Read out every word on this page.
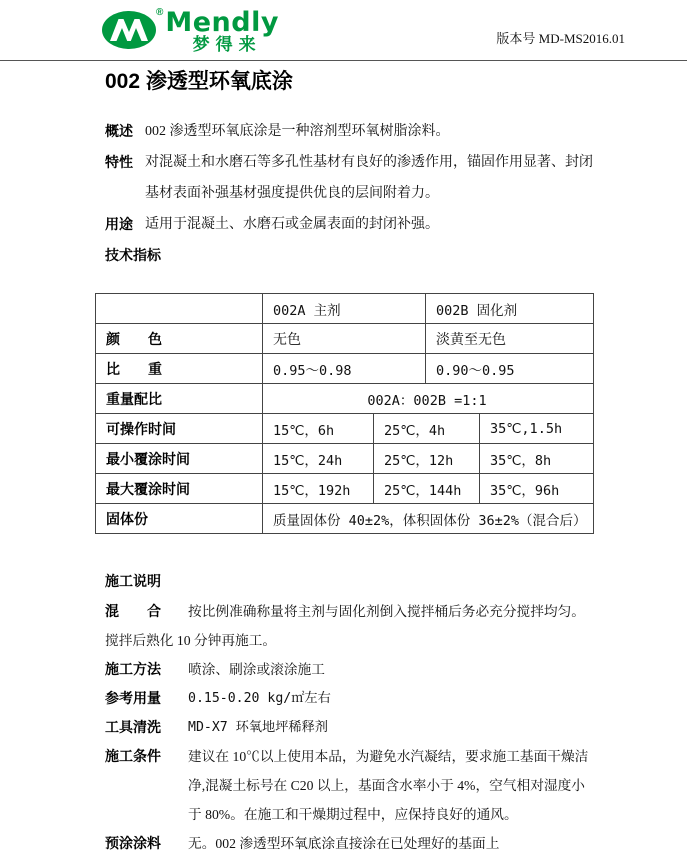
® Mendly
梦得来	版本号 MD-MS2016.01
002 渗透型环氧底涂
概述 002 渗透型环氧底涂是一种溶剂型环氧树脂涂料。
特性 对混凝土和水磨石等多孔性基材有良好的渗透作用，锚固作用显著、封闭基材表面补强基材强度提供优良的层间附着力。
用途 适用于混凝土、水磨石或金属表面的封闭补强。
技术指标
	002A 主剂		002B 固化剂	
颜　　色	无色		淡黄至无色	
比　　重	0.95～0.98		0.90～0.95	
重量配比	002A：002B =1:1			
可操作时间	15℃，6h	25℃，4h		35℃,1.5h
最小覆涂时间	15℃，24h	25℃，12h		35℃，8h
最大覆涂时间	15℃，192h	25℃，144h		35℃，96h
固体份	质量固体份 40±2%，体积固体份 36±2%（混合后）			
施工说明
混　　合	按比例准确称量将主剂与固化剂倒入搅拌桶后务必充分搅拌均匀。
搅拌后熟化 10 分钟再施工。
施工方法	喷涂、刷涂或滚涂施工
参考用量	0.15-0.20 kg/㎡左右
工具清洗	MD-X7 环氧地坪稀释剂
施工条件	建议在 10℃以上使用本品，为避免水汽凝结，要求施工基面干燥洁净,混凝土标号在 C20 以上，基面含水率小于 4%，空气相对湿度小于 80%。在施工和干燥期过程中，应保持良好的通风。
预涂涂料	无。002 渗透型环氧底涂直接涂在已处理好的基面上
